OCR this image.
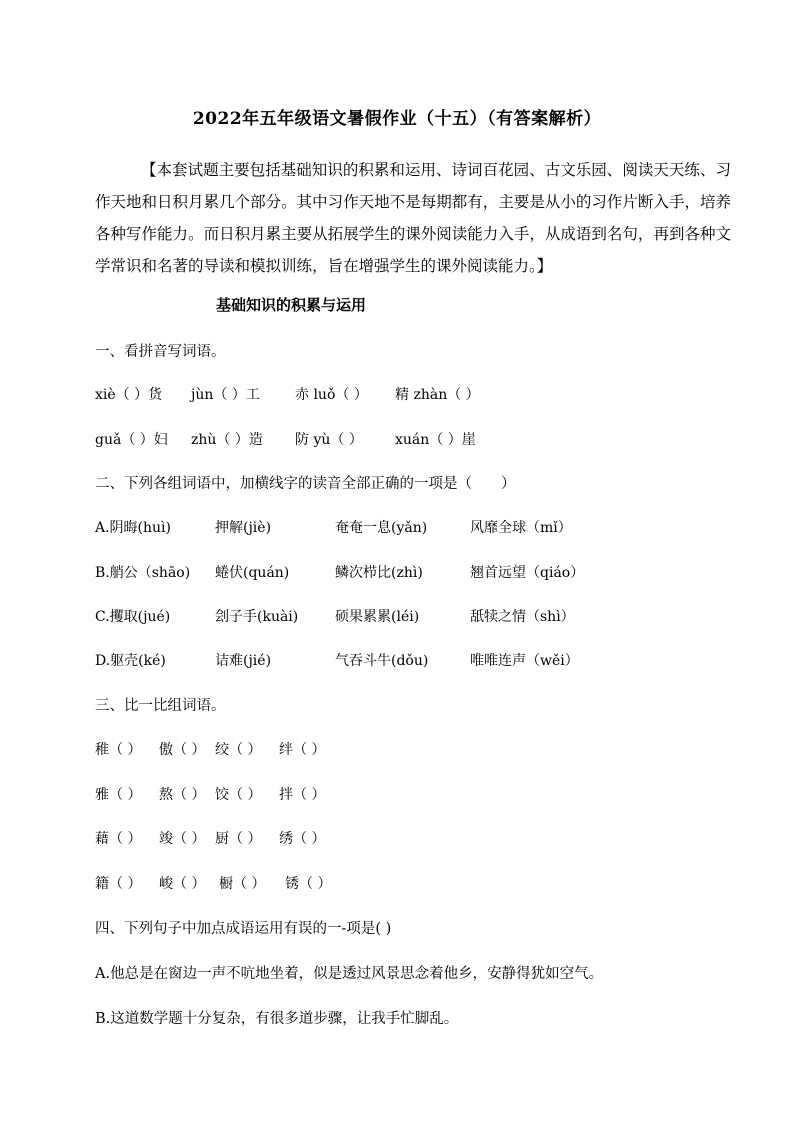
2022年五年级语文暑假作业（十五）（有答案解析）
【本套试题主要包括基础知识的积累和运用、诗词百花园、古文乐园、阅读天天练、习作天地和日积月累几个部分。其中习作天地不是每期都有，主要是从小的习作片断入手，培养各种写作能力。而日积月累主要从拓展学生的课外阅读能力入手，从成语到名句，再到各种文学常识和名著的导读和模拟训练，旨在增强学生的课外阅读能力。】
基础知识的积累与运用
一、看拼音写词语。
xiè（ ）货 jùn（ ）工	赤 luǒ（ ） 精 zhàn（ ）
guǎ（ ）妇 zhù（ ）造 防 yù（ ） xuán（ ）崖
二、下列各组词语中，加横线字的读音全部正确的一项是（　　）
A.阴晦(huì)	押解(jiè)	奄奄一息(yǎn)	风靡全球（mǐ）
B.艄公（shāo) 蜷伏(quán)	鳞次栉比(zhì)	翘首远望（qiáo）
C.攫取(jué)	刽子手(kuài)	硕果累累(léi)	舐犊之情（shì）
D.躯壳(ké)	诘难(jié)	气吞斗牛(dǒu)	唯唯连声（wěi）
三、比一比组词语。
稚（ ） 傲（ ） 绞（ ） 绊（ ）
雅（ ） 熬（ ） 饺（ ） 拌（ ）
藉（ ） 竣（ ） 厨（ ） 绣（ ）
籍（ ） 峻（ ） 橱（ ） 锈（ ）
四、下列句子中加点成语运用有误的一-项是( )
A.他总是在窗边一声不吭地坐着，似是透过风景思念着他乡，安静得犹如空气。
B.这道数学题十分复杂，有很多道步骤，让我手忙脚乱。
